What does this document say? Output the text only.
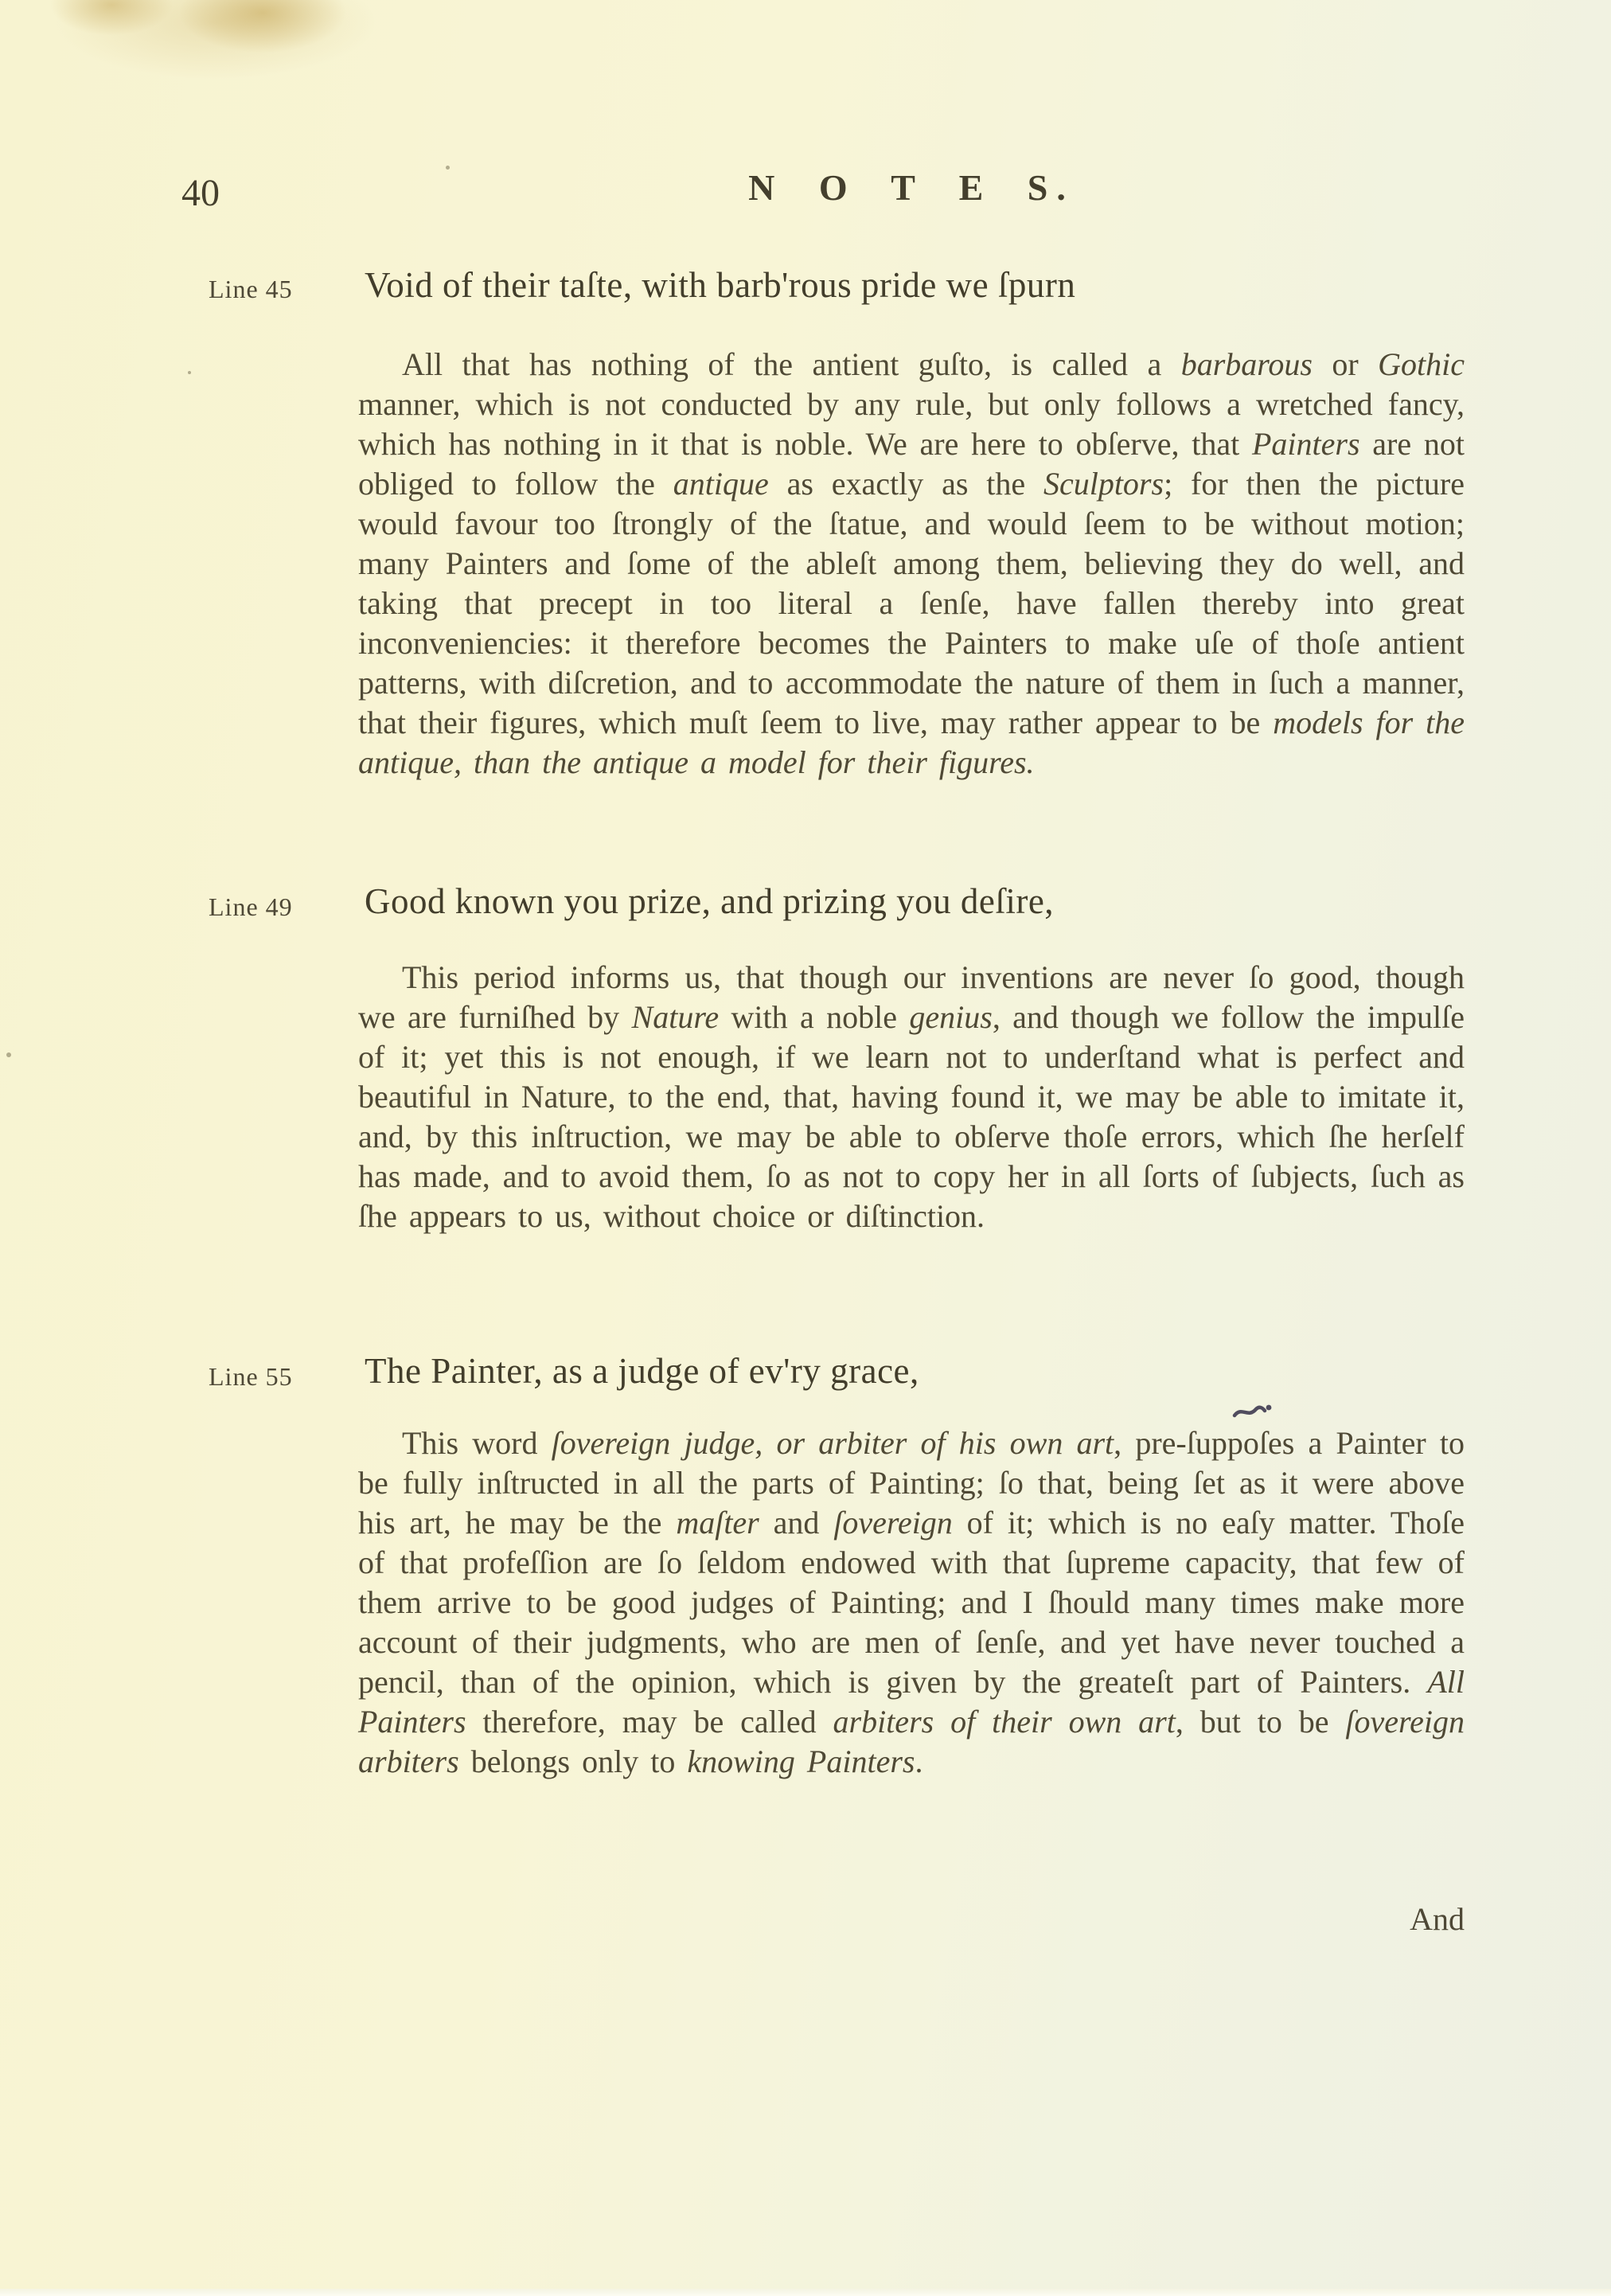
40	N O T E S.
Line 45 Void of their taſte, with barb'rous pride we ſpurn
All that has nothing of the antient guſto, is called a barbarous or Gothic manner, which is not conducted by any rule, but only follows a wretched fancy, which has nothing in it that is noble. We are here to obſerve, that Painters are not obliged to follow the antique as exactly as the Sculptors; for then the picture would favour too ſtrongly of the ſtatue, and would ſeem to be without motion; many Painters and ſome of the ableſt among them, believing they do well, and taking that precept in too literal a ſenſe, have fallen thereby into great inconveniencies: it therefore becomes the Painters to make uſe of thoſe antient patterns, with diſcretion, and to accommodate the nature of them in ſuch a manner, that their figures, which muſt ſeem to live, may rather appear to be models for the antique, than the antique a model for their figures.
Line 49 Good known you prize, and prizing you deſire,
This period informs us, that though our inventions are never ſo good, though we are furniſhed by Nature with a noble genius, and though we follow the impulſe of it; yet this is not enough, if we learn not to underſtand what is perfect and beautiful in Nature, to the end, that, having found it, we may be able to imitate it, and, by this inſtruction, we may be able to obſerve thoſe errors, which ſhe herſelf has made, and to avoid them, ſo as not to copy her in all ſorts of ſubjects, ſuch as ſhe appears to us, without choice or diſtinction.
Line 55 The Painter, as a judge of ev'ry grace,
This word ſovereign judge, or arbiter of his own art, pre-ſuppoſes a Painter to be fully inſtructed in all the parts of Painting; ſo that, being ſet as it were above his art, he may be the maſter and ſovereign of it; which is no eaſy matter. Thoſe of that profeſſion are ſo ſeldom endowed with that ſupreme capacity, that few of them arrive to be good judges of Painting; and I ſhould many times make more account of their judgments, who are men of ſenſe, and yet have never touched a pencil, than of the opinion, which is given by the greateſt part of Painters. All Painters therefore, may be called arbiters of their own art, but to be ſovereign arbiters belongs only to knowing Painters.
And
